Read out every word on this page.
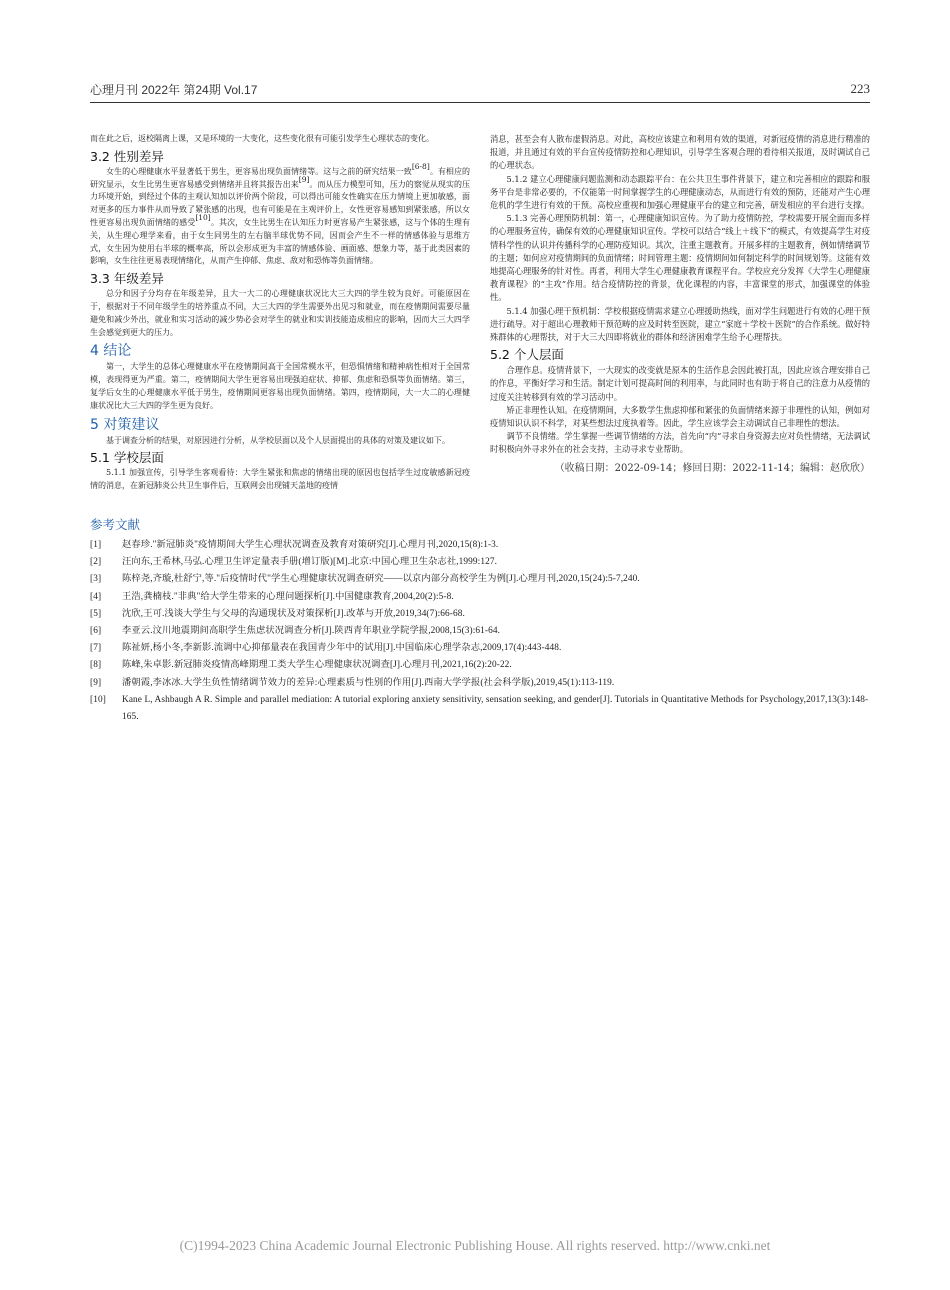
心理月刊 2022年 第24期 Vol.17	223

而在此之后，返校隔离上课，又是环境的一大变化，这些变化很有可能引发学生心理状态的变化。

3.2 性别差异

女生的心理健康水平显著低于男生，更容易出现负面情绪等。这与之前的研究结果一致[6-8]。有相应的研究显示，女生比男生更容易感受到情绪并且将其报告出来[9]。而从压力模型可知，压力的察觉从现实的压力环境开始，到经过个体的主观认知加以评价两个阶段，可以得出可能女性确实在压力情境上更加敏感，面对更多的压力事件从而导致了紧张感的出现，也有可能是在主观评价上，女性更容易感知到紧张感，所以女性更容易出现负面情绪的感受[10]。其次，女生比男生在认知压力时更容易产生紧张感，这与个体的生理有关，从生理心理学来看，由于女生同男生的左右脑半球优势不同，因而会产生不一样的情感体验与思维方式，女生因为使用右半球的概率高，所以会形成更为丰富的情感体验、画面感、想象力等，基于此类因素的影响，女生往往更易表现情绪化，从而产生抑郁、焦虑、敌对和恐怖等负面情绪。

3.3 年级差异

总分和因子分均存在年级差异，且大一大二的心理健康状况比大三大四的学生较为良好。可能原因在于，根据对于不同年级学生的培养重点不同，大三大四的学生需要外出见习和就业，而在疫情期间需要尽量避免和减少外出，就业和实习活动的减少势必会对学生的就业和实训技能造成相应的影响，因而大三大四学生会感觉到更大的压力。

4 结论

第一，大学生的总体心理健康水平在疫情期间高于全国常模水平，但恐惧情绪和精神病性相对于全国常模，表现得更为严重。第二，疫情期间大学生更容易出现强迫症状、抑郁、焦虑和恐惧等负面情绪。第三，复学后女生的心理健康水平低于男生，疫情期间更容易出现负面情绪。第四，疫情期间，大一大二的心理健康状况比大三大四的学生更为良好。

5 对策建议

基于调查分析的结果，对原因进行分析，从学校层面以及个人层面提出的具体的对策及建议如下。

5.1 学校层面

5.1.1 加强宣传，引导学生客观看待：大学生紧张和焦虑的情绪出现的原因也包括学生过度敏感新冠疫情的消息，在新冠肺炎公共卫生事件后，互联网会出现铺天盖地的疫情

消息，甚至会有人散布虚假消息。对此，高校应该建立和利用有效的渠道，对新冠疫情的消息进行精准的报道，并且通过有效的平台宣传疫情防控和心理知识，引导学生客观合理的看待相关报道，及时调试自己的心理状态。

5.1.2 建立心理健康问题监测和动态跟踪平台：在公共卫生事件背景下，建立和完善相应的跟踪和服务平台是非常必要的，不仅能第一时间掌握学生的心理健康动态，从而进行有效的预防，还能对产生心理危机的学生进行有效的干预。高校应重视和加强心理健康平台的建立和完善，研发相应的平台进行支撑。

5.1.3 完善心理预防机制：第一，心理健康知识宣传。为了助力疫情防控，学校需要开展全面而多样的心理服务宣传，确保有效的心理健康知识宣传。学校可以结合“线上＋线下”的模式，有效提高学生对疫情科学性的认识并传播科学的心理防疫知识。其次，注重主题教育。开展多样的主题教育，例如情绪调节的主题；如何应对疫情期间的负面情绪；时间管理主题：疫情期间如何制定科学的时间规划等。这能有效地提高心理服务的针对性。再者，利用大学生心理健康教育课程平台。学校应充分发挥《大学生心理健康教育课程》的“主攻”作用。结合疫情防控的背景，优化课程的内容，丰富课堂的形式，加强课堂的体验性。

5.1.4 加强心理干预机制：学校根据疫情需求建立心理援助热线，面对学生问题进行有效的心理干预进行疏导。对于超出心理教师干预范畴的应及时转至医院，建立“家庭＋学校＋医院”的合作系统。做好特殊群体的心理帮扶，对于大三大四即将就业的群体和经济困难学生给予心理帮扶。

5.2 个人层面

合理作息。疫情背景下，一大现实的改变就是原本的生活作息会因此被打乱，因此应该合理安排自己的作息，平衡好学习和生活。制定计划可提高时间的利用率，与此同时也有助于将自己的注意力从疫情的过度关注转移到有效的学习活动中。

矫正非理性认知。在疫情期间，大多数学生焦虑抑郁和紧张的负面情绪来源于非理性的认知，例如对疫情知识认识不科学，对某些想法过度执着等。因此，学生应该学会主动调试自己非理性的想法。

调节不良情绪。学生掌握一些调节情绪的方法，首先向“内”寻求自身资源去应对负性情绪，无法调试时积极向外寻求外在的社会支持，主动寻求专业帮助。

（收稿日期：2022-09-14；修回日期：2022-11-14；编辑：赵欣欣）
参考文献
[1] 赵春珍."新冠肺炎"疫情期间大学生心理状况调查及教育对策研究[J].心理月刊,2020,15(8):1-3.
[2] 汪向东,王希林,马弘.心理卫生评定量表手册(增订版)[M].北京:中国心理卫生杂志社,1999:127.
[3] 陈梓尧,齐璇,杜舒宁,等."后疫情时代"学生心理健康状况调查研究——以京内部分高校学生为例[J].心理月刊,2020,15(24):5-7,240.
[4] 王浩,龚楠枝."非典"给大学生带来的心理问题探析[J].中国健康教育,2004,20(2):5-8.
[5] 沈欣,王可.浅谈大学生与父母的沟通现状及对策探析[J].改革与开放,2019,34(7):66-68.
[6] 李亚云.汶川地震期间高职学生焦虑状况调查分析[J].陕西青年职业学院学报,2008,15(3):61-64.
[7] 陈祉妍,杨小冬,李新影.流调中心抑郁量表在我国青少年中的试用[J].中国临床心理学杂志,2009,17(4):443-448.
[8] 陈峰,朱卓影.新冠肺炎疫情高峰期理工类大学生心理健康状况调查[J].心理月刊,2021,16(2):20-22.
[9] 潘朝霞,李冰冰.大学生负性情绪调节效力的差异:心理素质与性别的作用[J].西南大学学报(社会科学版),2019,45(1):113-119.
[10] Kane L, Ashbaugh A R. Simple and parallel mediation: A tutorial exploring anxiety sensitivity, sensation seeking, and gender[J]. Tutorials in Quantitative Methods for Psychology,2017,13(3):148-165.
(C)1994-2023 China Academic Journal Electronic Publishing House. All rights reserved. http://www.cnki.net
